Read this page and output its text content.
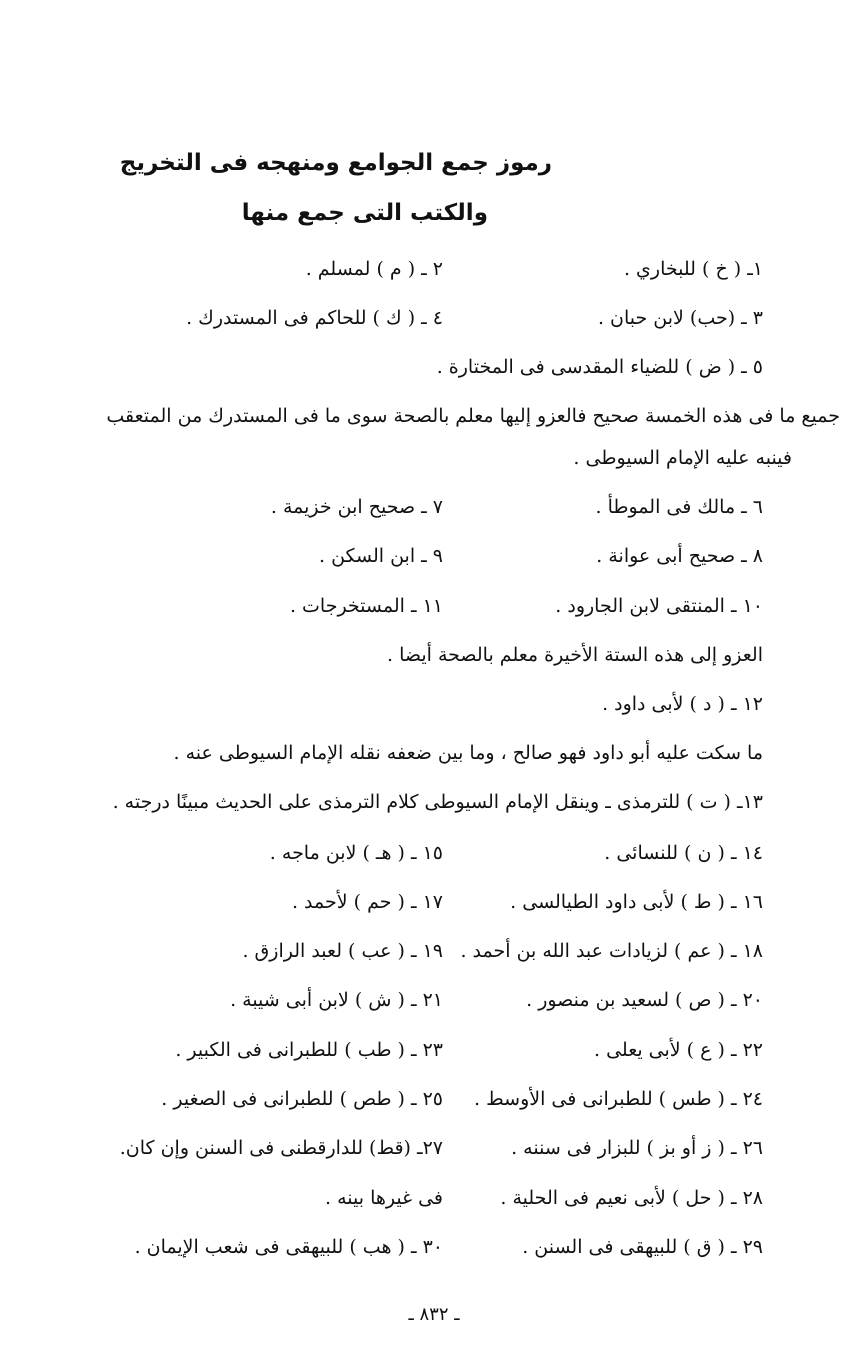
رموز جمع الجوامع ومنهجه فى التخريج
والكتب التى جمع منها
١ـ ( خ ) للبخاري .
٢ ـ ( م ) لمسلم .
٣ ـ (حب) لابن حبان .
٤ ـ ( ك ) للحاكم فى المستدرك .
٥ ـ ( ض ) للضياء المقدسى فى المختارة .
جميع ما فى هذه الخمسة صحيح فالعزو إليها معلم بالصحة سوى ما فى المستدرك من المتعقب
فينبه عليه الإمام السيوطى .
٦ ـ مالك فى الموطأ .
٧ ـ صحيح ابن خزيمة .
٨ ـ صحيح أبى عوانة .
٩ ـ ابن السكن .
١٠ ـ المنتقى لابن الجارود .
١١ ـ المستخرجات .
العزو إلى هذه الستة الأخيرة معلم بالصحة أيضا .
١٢ ـ ( د ) لأبى داود .
ما سكت عليه أبو داود فهو صالح ، وما بين ضعفه نقله الإمام السيوطى عنه .
١٣ـ ( ت ) للترمذى ـ وينقل الإمام السيوطى كلام الترمذى على الحديث مبينًا درجته .
١٤ ـ ( ن ) للنسائى .
١٥ ـ ( هـ ) لابن ماجه .
١٦ ـ ( ط ) لأبى داود الطيالسى .
١٧ ـ ( حم ) لأحمد .
١٨ ـ ( عم ) لزيادات عبد الله بن أحمد .
١٩ ـ ( عب ) لعبد الرازق .
٢٠ ـ ( ص ) لسعيد بن منصور .
٢١ ـ ( ش ) لابن أبى شيبة .
٢٢ ـ ( ع ) لأبى يعلى .
٢٣ ـ ( طب ) للطبرانى فى الكبير .
٢٤ ـ ( طس ) للطبرانى فى الأوسط .
٢٥ ـ ( طص ) للطبرانى فى الصغير .
٢٦ ـ ( ز أو بز ) للبزار فى سننه .
٢٧ـ (قط) للدارقطنى فى السنن وإن كان.
٢٨ ـ ( حل ) لأبى نعيم فى الحلية .
فى غيرها بينه .
٢٩ ـ ( ق ) للبيهقى فى السنن .
٣٠ ـ ( هب ) للبيهقى فى شعب الإيمان .
ـ ٨٣٢ ـ
